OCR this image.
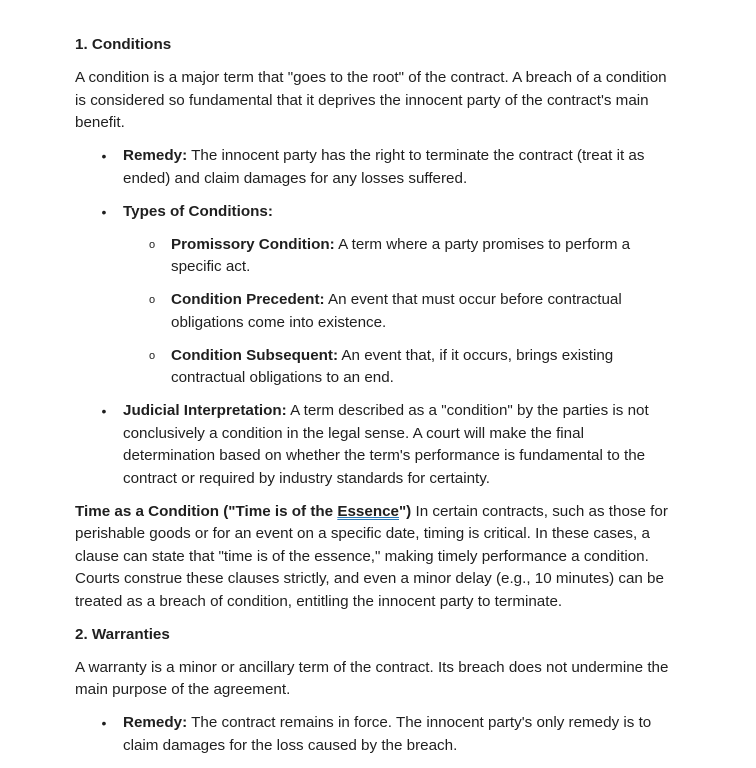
1. Conditions

A condition is a major term that "goes to the root" of the contract. A breach of a condition is considered so fundamental that it deprives the innocent party of the contract's main benefit.

•
Remedy: The innocent party has the right to terminate the contract (treat it as ended) and claim damages for any losses suffered.
•
Types of Conditions:
o
Promissory Condition: A term where a party promises to perform a specific act.
o
Condition Precedent: An event that must occur before contractual obligations come into existence.
o
Condition Subsequent: An event that, if it occurs, brings existing contractual obligations to an end.
•
Judicial Interpretation: A term described as a "condition" by the parties is not conclusively a condition in the legal sense. A court will make the final determination based on whether the term's performance is fundamental to the contract or required by industry standards for certainty.

Time as a Condition ("Time is of the Essence") In certain contracts, such as those for perishable goods or for an event on a specific date, timing is critical. In these cases, a clause can state that "time is of the essence," making timely performance a condition. Courts construe these clauses strictly, and even a minor delay (e.g., 10 minutes) can be treated as a breach of condition, entitling the innocent party to terminate.

2. Warranties

A warranty is a minor or ancillary term of the contract. Its breach does not undermine the main purpose of the agreement.

•
Remedy: The contract remains in force. The innocent party's only remedy is to claim damages for the loss caused by the breach.
